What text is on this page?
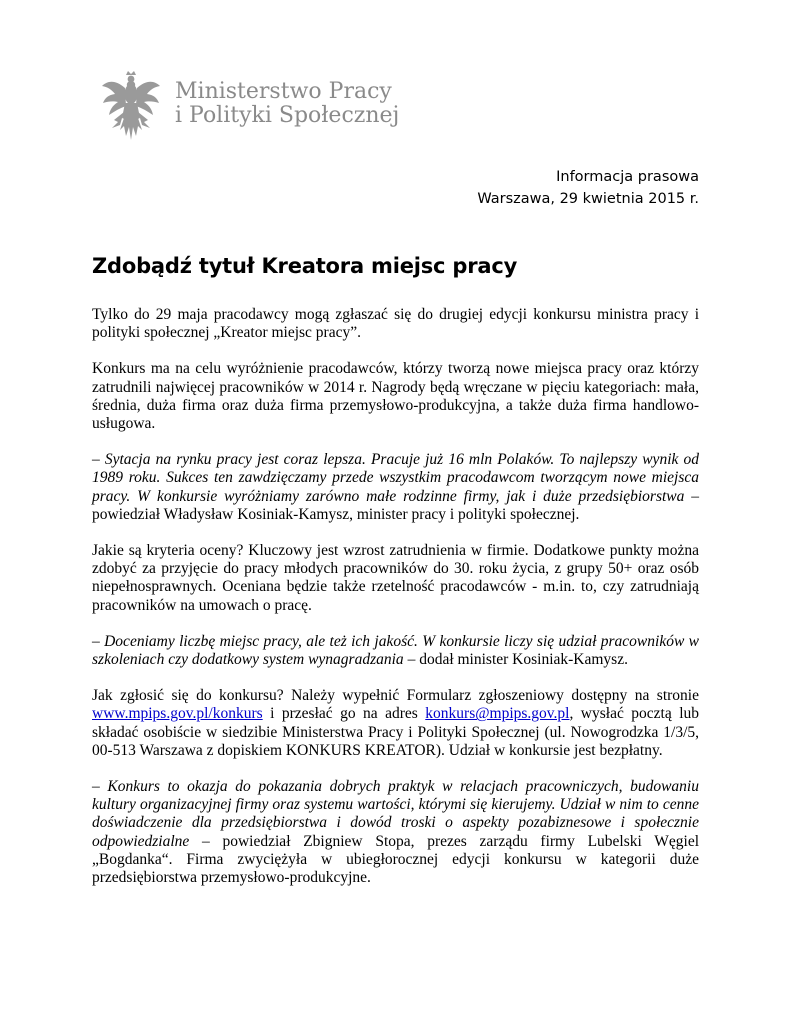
Ministerstwo Pracy
i Polityki Społecznej
Informacja prasowa
Warszawa, 29 kwietnia 2015 r.
Zdobądź tytuł Kreatora miejsc pracy

Tylko do 29 maja pracodawcy mogą zgłaszać się do drugiej edycji konkursu ministra pracy i polityki społecznej „Kreator miejsc pracy”.

Konkurs ma na celu wyróżnienie pracodawców, którzy tworzą nowe miejsca pracy oraz którzy zatrudnili najwięcej pracowników w 2014 r. Nagrody będą wręczane w pięciu kategoriach: mała, średnia, duża firma oraz duża firma przemysłowo-produkcyjna, a także duża firma handlowo-usługowa.

– Sytacja na rynku pracy jest coraz lepsza. Pracuje już 16 mln Polaków. To najlepszy wynik od 1989 roku. Sukces ten zawdzięczamy przede wszystkim pracodawcom tworzącym nowe miejsca pracy. W konkursie wyróżniamy zarówno małe rodzinne firmy, jak i duże przedsiębiorstwa – powiedział Władysław Kosiniak-Kamysz, minister pracy i polityki społecznej.

Jakie są kryteria oceny? Kluczowy jest wzrost zatrudnienia w firmie. Dodatkowe punkty można zdobyć za przyjęcie do pracy młodych pracowników do 30. roku życia, z grupy 50+ oraz osób niepełnosprawnych. Oceniana będzie także rzetelność pracodawców - m.in. to, czy zatrudniają pracowników na umowach o pracę.

– Doceniamy liczbę miejsc pracy, ale też ich jakość. W konkursie liczy się udział pracowników w szkoleniach czy dodatkowy system wynagradzania – dodał minister Kosiniak-Kamysz.

Jak zgłosić się do konkursu? Należy wypełnić Formularz zgłoszeniowy dostępny na stronie www.mpips.gov.pl/konkurs i przesłać go na adres konkurs@mpips.gov.pl, wysłać pocztą lub składać osobiście w siedzibie Ministerstwa Pracy i Polityki Społecznej (ul. Nowogrodzka 1/3/5, 00-513 Warszawa z dopiskiem KONKURS KREATOR). Udział w konkursie jest bezpłatny.

– Konkurs to okazja do pokazania dobrych praktyk w relacjach pracowniczych, budowaniu kultury organizacyjnej firmy oraz systemu wartości, którymi się kierujemy. Udział w nim to cenne doświadczenie dla przedsiębiorstwa i dowód troski o aspekty pozabiznesowe i społecznie odpowiedzialne – powiedział Zbigniew Stopa, prezes zarządu firmy Lubelski Węgiel „Bogdanka“. Firma zwyciężyła w ubiegłorocznej edycji konkursu w kategorii duże przedsiębiorstwa przemysłowo-produkcyjne.
